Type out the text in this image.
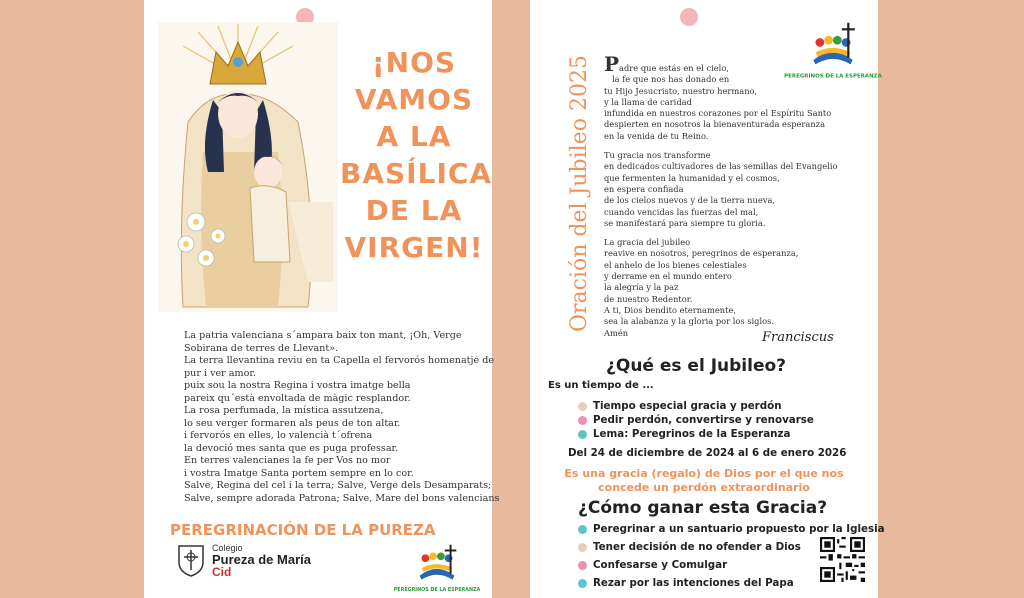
¡NOS
VAMOS
A LA
BASÍLICA
DE LA
VIRGEN!
La patria valenciana s´ampara baix ton mant, ¡Oh, Verge
Sobirana de terres de Llevant».
La terra llevantina reviu en ta Capella el fervorós homenatje de
pur i ver amor.
puix sou la nostra Regina i vostra imatge bella
pareix qu´està envoltada de màgic resplandor.
La rosa perfumada, la mística assutzena,
lo seu verger formaren als peus de ton altar.
i fervorós en elles, lo valencià t´ofrena
la devoció mes santa que es puga professar.
En terres valencianes la fe per Vos no mor
i vostra Imatge Santa portem sempre en lo cor.
Salve, Regina del cel i la terra; Salve, Verge dels Desamparats;
Salve, sempre adorada Patrona; Salve, Mare del bons valencians
PEREGRINACIÓN DE LA PUREZA
Colegio
Pureza de María
Cid
PEREGRINOS DE LA ESPERANZA
Oración del Jubileo 2025 Padre que estás en el cielo,
la fe que nos has donado en
tu Hijo Jesucristo, nuestro hermano,
y la llama de caridad
infundida en nuestros corazones por el Espíritu Santo
despierten en nosotros la bienaventurada esperanza
en la venida de tu Reino.
Tu gracia nos transforme
en dedicados cultivadores de las semillas del Evangelio
que fermenten la humanidad y el cosmos,
en espera confiada
de los cielos nuevos y de la tierra nueva,
cuando vencidas las fuerzas del mal,
se manifestará para siempre tu gloria.
La gracia del jubileo
reavive en nosotros, peregrinos de esperanza,
el anhelo de los bienes celestiales
y derrame en el mundo entero
la alegría y la paz
de nuestro Redentor.
A ti, Dios bendito eternamente,
sea la alabanza y la gloria por los siglos.
Amén	Franciscus
PEREGRINOS DE LA ESPERANZA
¿Qué es el Jubileo?
Es un tiempo de ...
Tiempo especial gracia y perdón
Pedir perdón, convertirse y renovarse
Lema: Peregrinos de la Esperanza
Del 24 de diciembre de 2024 al 6 de enero 2026
Es una gracia (regalo) de Dios por el que nos
concede un perdón extraordinario
¿Cómo ganar esta Gracia?
Peregrinar a un santuario propuesto por la Iglesia
Tener decisión de no ofender a Dios
Confesarse y Comulgar
Rezar por las intenciones del Papa
